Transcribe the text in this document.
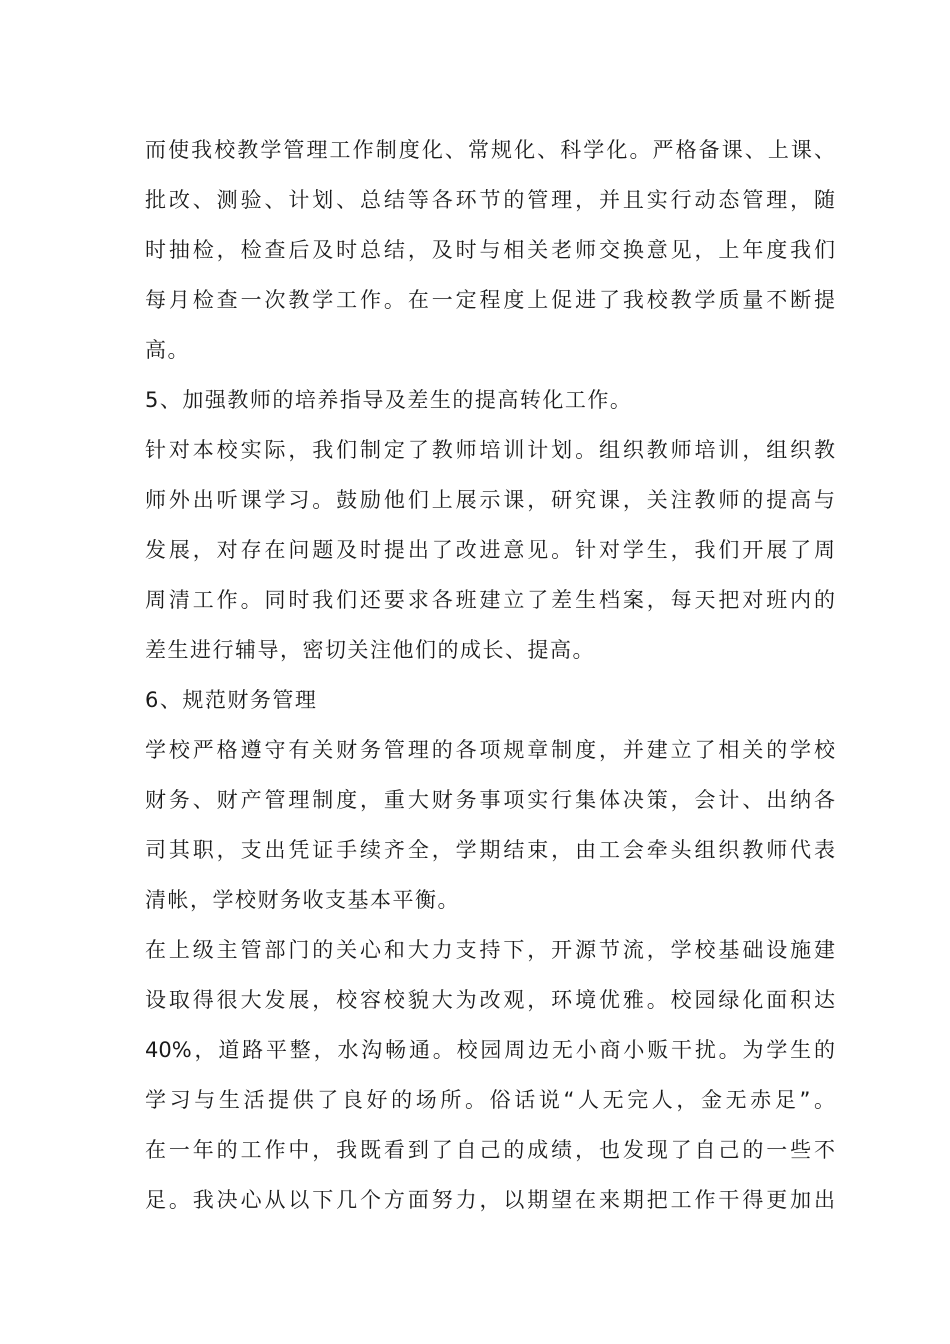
而使我校教学管理工作制度化、常规化、科学化。严格备课、上课、
批改、测验、计划、总结等各环节的管理，并且实行动态管理，随
时抽检，检查后及时总结，及时与相关老师交换意见，上年度我们
每月检查一次教学工作。在一定程度上促进了我校教学质量不断提
高。
5、加强教师的培养指导及差生的提高转化工作。
针对本校实际，我们制定了教师培训计划。组织教师培训，组织教
师外出听课学习。鼓励他们上展示课，研究课，关注教师的提高与
发展，对存在问题及时提出了改进意见。针对学生，我们开展了周
周清工作。同时我们还要求各班建立了差生档案，每天把对班内的
差生进行辅导，密切关注他们的成长、提高。
6、规范财务管理
学校严格遵守有关财务管理的各项规章制度，并建立了相关的学校
财务、财产管理制度，重大财务事项实行集体决策，会计、出纳各
司其职，支出凭证手续齐全，学期结束，由工会牵头组织教师代表
清帐，学校财务收支基本平衡。
在上级主管部门的关心和大力支持下，开源节流，学校基础设施建
设取得很大发展，校容校貌大为改观，环境优雅。校园绿化面积达
40%，道路平整，水沟畅通。校园周边无小商小贩干扰。为学生的
学习与生活提供了良好的场所。俗话说“人无完人，金无赤足”。
在一年的工作中，我既看到了自己的成绩，也发现了自己的一些不
足。我决心从以下几个方面努力，以期望在来期把工作干得更加出
